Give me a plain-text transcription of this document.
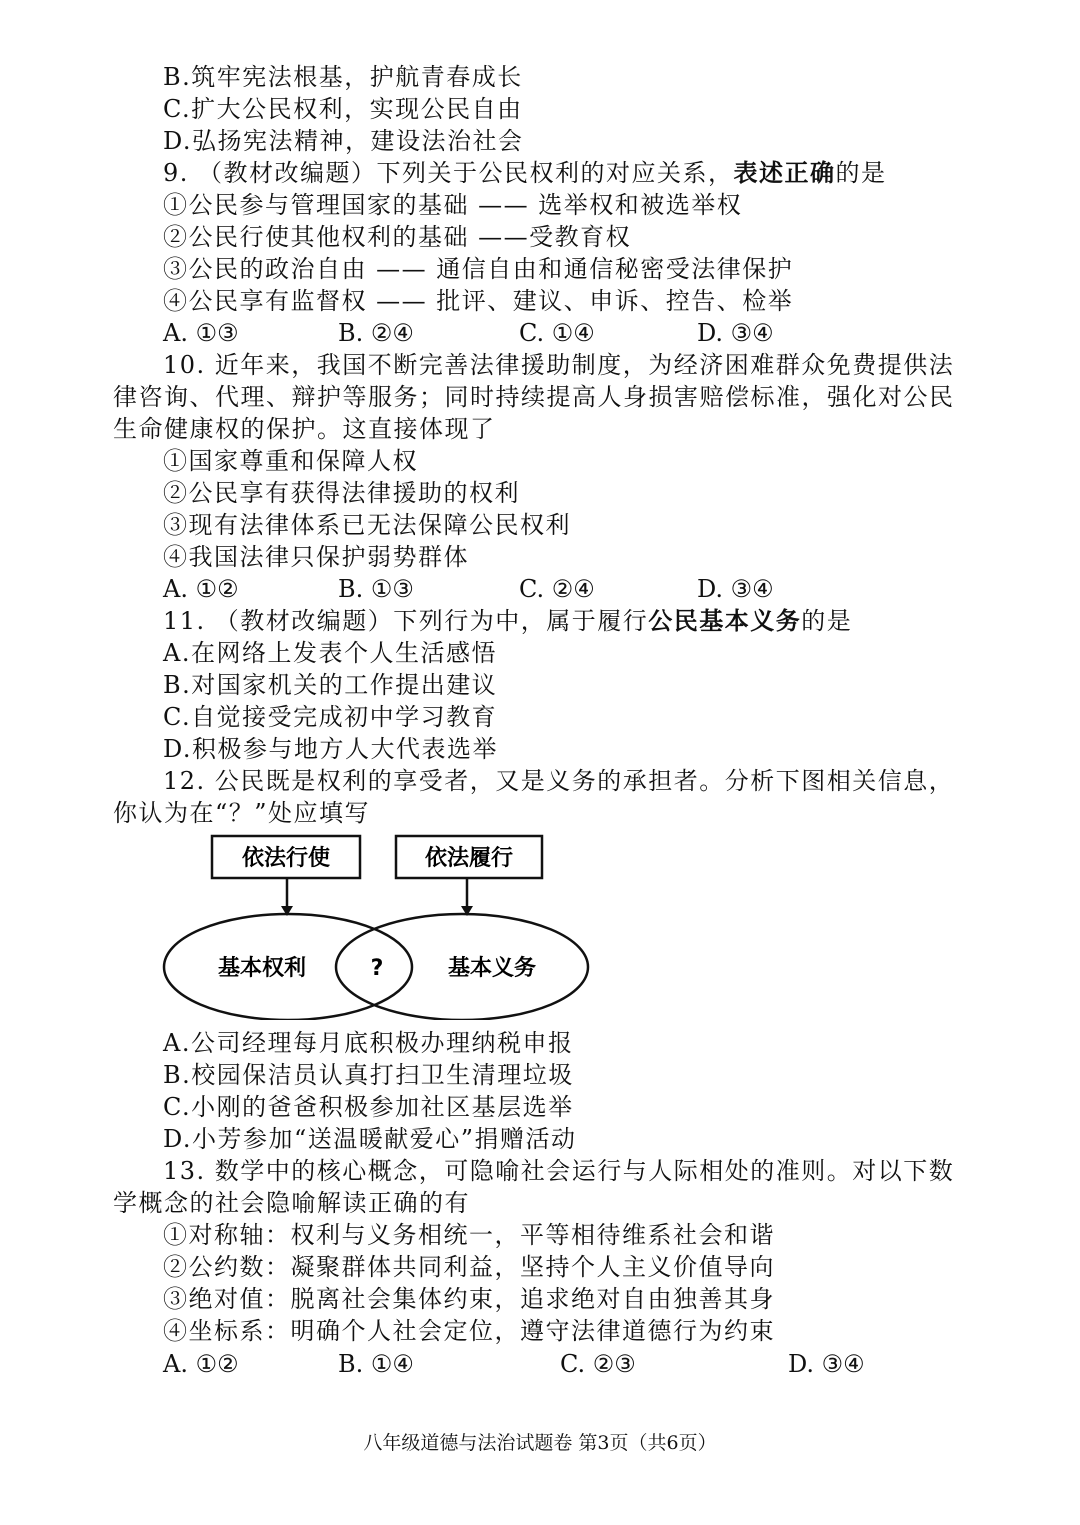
B.筑牢宪法根基，护航青春成长
C.扩大公民权利，实现公民自由
D.弘扬宪法精神，建设法治社会
9. （教材改编题）下列关于公民权利的对应关系，表述正确的是
①公民参与管理国家的基础 —— 选举权和被选举权
②公民行使其他权利的基础 ——受教育权
③公民的政治自由 —— 通信自由和通信秘密受法律保护
④公民享有监督权 —— 批评、建议、申诉、控告、检举
A. ①③	B. ②④	C. ①④	D. ③④
10. 近年来，我国不断完善法律援助制度，为经济困难群众免费提供法
律咨询、代理、辩护等服务；同时持续提高人身损害赔偿标准，强化对公民
生命健康权的保护。这直接体现了
①国家尊重和保障人权
②公民享有获得法律援助的权利
③现有法律体系已无法保障公民权利
④我国法律只保护弱势群体
A. ①②	B. ①③	C. ②④	D. ③④
11. （教材改编题）下列行为中，属于履行公民基本义务的是
A.在网络上发表个人生活感悟
B.对国家机关的工作提出建议
C.自觉接受完成初中学习教育
D.积极参与地方人大代表选举
12. 公民既是权利的享受者，又是义务的承担者。分析下图相关信息，
你认为在“？”处应填写
依法行使	依法履行
基本权利	基本义务
?
A.公司经理每月底积极办理纳税申报
B.校园保洁员认真打扫卫生清理垃圾
C.小刚的爸爸积极参加社区基层选举
D.小芳参加“送温暖献爱心”捐赠活动
13. 数学中的核心概念，可隐喻社会运行与人际相处的准则。对以下数
学概念的社会隐喻解读正确的有
①对称轴：权利与义务相统一，平等相待维系社会和谐
②公约数：凝聚群体共同利益，坚持个人主义价值导向
③绝对值：脱离社会集体约束，追求绝对自由独善其身
④坐标系：明确个人社会定位，遵守法律道德行为约束
A. ①②	B. ①④	C. ②③	D. ③④
八年级道德与法治试题卷 第3页（共6页）
